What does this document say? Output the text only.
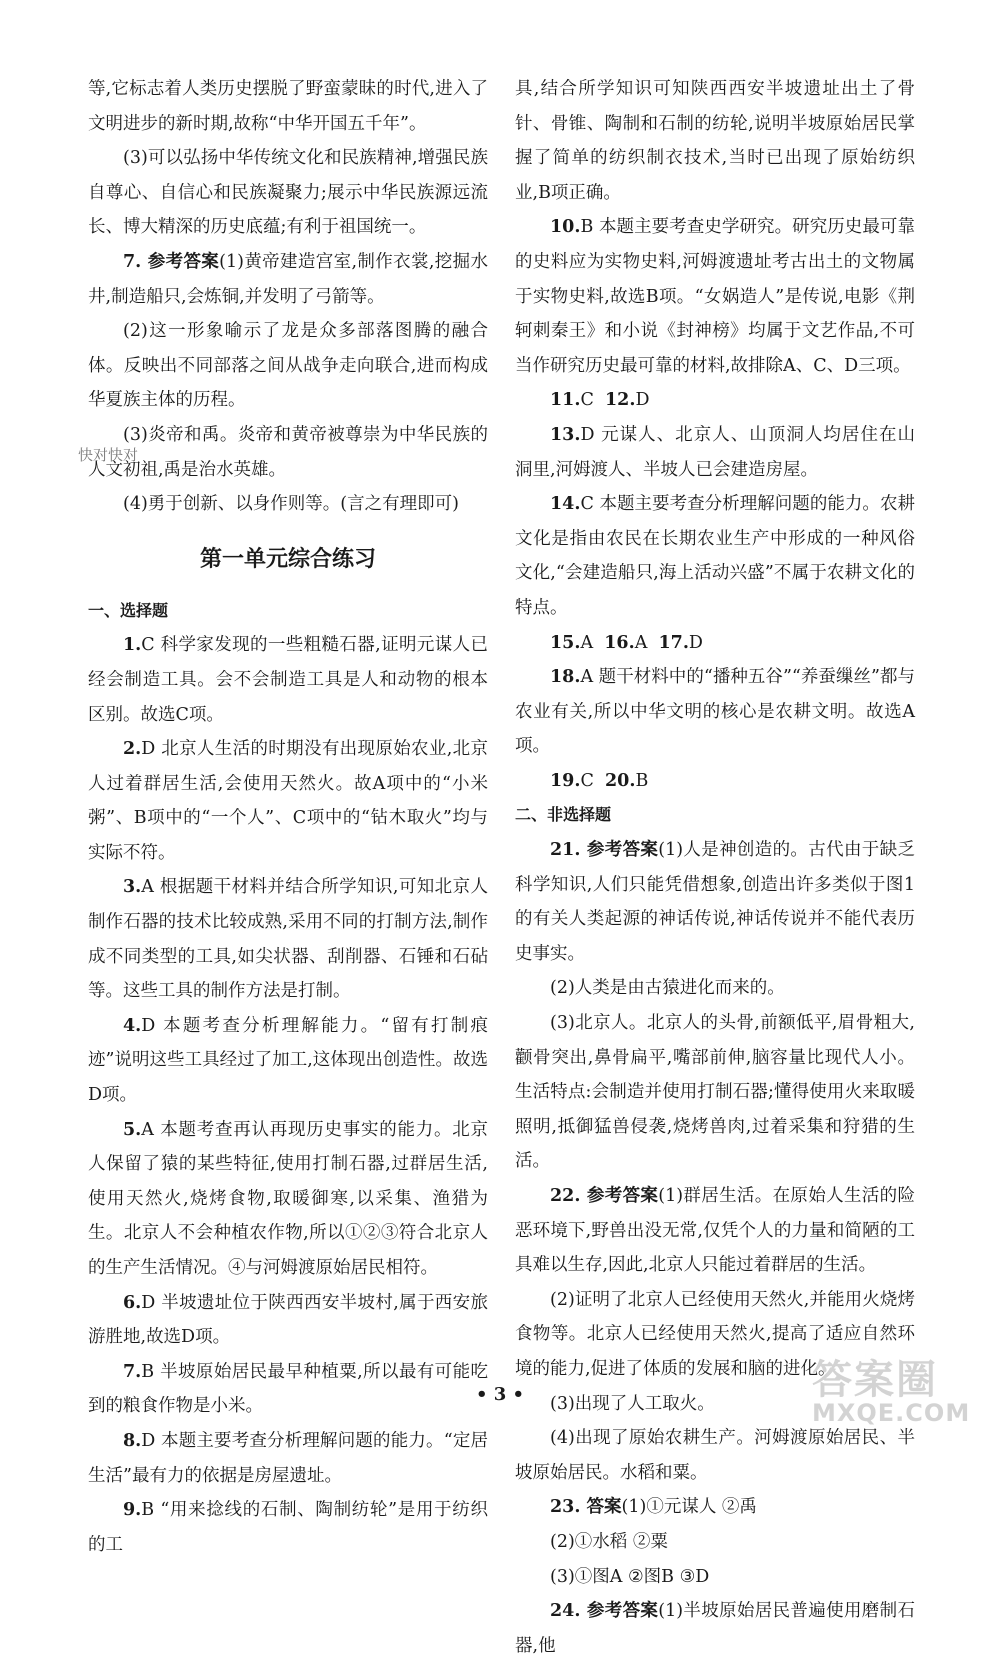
等,它标志着人类历史摆脱了野蛮蒙昧的时代,进入了文明进步的新时期,故称“中华开国五千年”。

(3)可以弘扬中华传统文化和民族精神,增强民族自尊心、自信心和民族凝聚力;展示中华民族源远流长、博大精深的历史底蕴;有利于祖国统一。

7. 参考答案(1)黄帝建造宫室,制作衣裳,挖掘水井,制造船只,会炼铜,并发明了弓箭等。

(2)这一形象喻示了龙是众多部落图腾的融合体。反映出不同部落之间从战争走向联合,进而构成华夏族主体的历程。

(3)炎帝和禹。炎帝和黄帝被尊崇为中华民族的人文初祖,禹是治水英雄。

(4)勇于创新、以身作则等。(言之有理即可)

第一单元综合练习

一、选择题

1.C 科学家发现的一些粗糙石器,证明元谋人已经会制造工具。会不会制造工具是人和动物的根本区别。故选C项。

2.D 北京人生活的时期没有出现原始农业,北京人过着群居生活,会使用天然火。故A项中的“小米粥”、B项中的“一个人”、C项中的“钻木取火”均与实际不符。

3.A 根据题干材料并结合所学知识,可知北京人制作石器的技术比较成熟,采用不同的打制方法,制作成不同类型的工具,如尖状器、刮削器、石锤和石砧等。这些工具的制作方法是打制。

4.D 本题考查分析理解能力。“留有打制痕迹”说明这些工具经过了加工,这体现出创造性。故选D项。

5.A 本题考查再认再现历史事实的能力。北京人保留了猿的某些特征,使用打制石器,过群居生活,使用天然火,烧烤食物,取暖御寒,以采集、渔猎为生。北京人不会种植农作物,所以①②③符合北京人的生产生活情况。④与河姆渡原始居民相符。

6.D 半坡遗址位于陕西西安半坡村,属于西安旅游胜地,故选D项。

7.B 半坡原始居民最早种植粟,所以最有可能吃到的粮食作物是小米。

8.D 本题主要考查分析理解问题的能力。“定居生活”最有力的依据是房屋遗址。

9.B “用来捻线的石制、陶制纺轮”是用于纺织的工

快对快对

具,结合所学知识可知陕西西安半坡遗址出土了骨针、骨锥、陶制和石制的纺轮,说明半坡原始居民掌握了简单的纺织制衣技术,当时已出现了原始纺织业,B项正确。

10.B 本题主要考查史学研究。研究历史最可靠的史料应为实物史料,河姆渡遗址考古出土的文物属于实物史料,故选B项。“女娲造人”是传说,电影《荆轲刺秦王》和小说《封神榜》均属于文艺作品,不可当作研究历史最可靠的材料,故排除A、C、D三项。

11.C 12.D

13.D 元谋人、北京人、山顶洞人均居住在山洞里,河姆渡人、半坡人已会建造房屋。

14.C 本题主要考查分析理解问题的能力。农耕文化是指由农民在长期农业生产中形成的一种风俗文化,“会建造船只,海上活动兴盛”不属于农耕文化的特点。

15.A 16.A 17.D

18.A 题干材料中的“播种五谷”“养蚕缫丝”都与农业有关,所以中华文明的核心是农耕文明。故选A项。

19.C 20.B

二、非选择题

21. 参考答案(1)人是神创造的。古代由于缺乏科学知识,人们只能凭借想象,创造出许多类似于图1的有关人类起源的神话传说,神话传说并不能代表历史事实。

(2)人类是由古猿进化而来的。

(3)北京人。北京人的头骨,前额低平,眉骨粗大,颧骨突出,鼻骨扁平,嘴部前伸,脑容量比现代人小。生活特点:会制造并使用打制石器;懂得使用火来取暖照明,抵御猛兽侵袭,烧烤兽肉,过着采集和狩猎的生活。

22. 参考答案(1)群居生活。在原始人生活的险恶环境下,野兽出没无常,仅凭个人的力量和简陋的工具难以生存,因此,北京人只能过着群居的生活。

(2)证明了北京人已经使用天然火,并能用火烧烤食物等。北京人已经使用天然火,提高了适应自然环境的能力,促进了体质的发展和脑的进化。

(3)出现了人工取火。

(4)出现了原始农耕生产。河姆渡原始居民、半坡原始居民。水稻和粟。

23. 答案(1)①元谋人 ②禹

(2)①水稻 ②粟

(3)①图A ②图B ③D

24. 参考答案(1)半坡原始居民普遍使用磨制石器,他

• 3 •	答案圈
MXQE.COM
